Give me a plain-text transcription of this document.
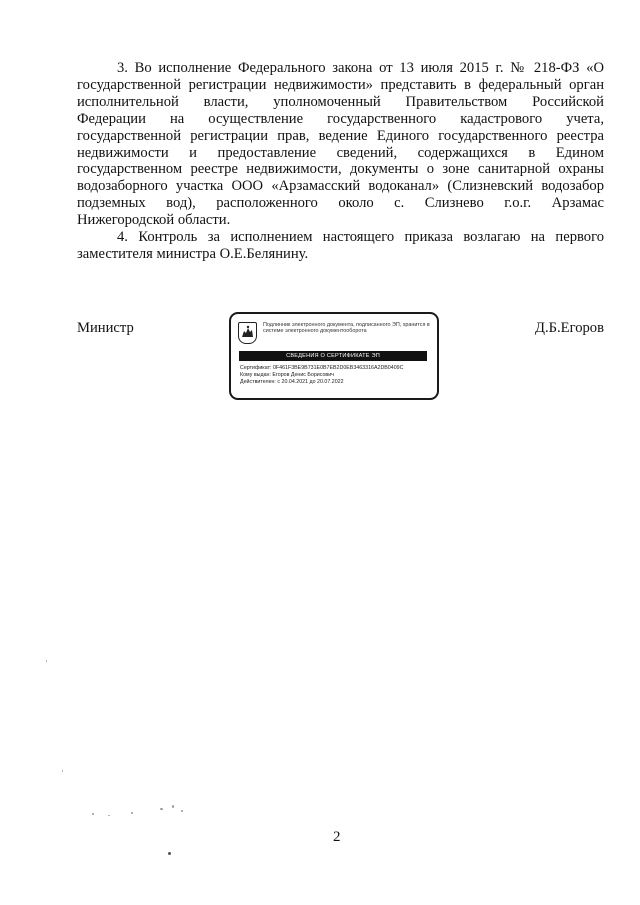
3. Во исполнение Федерального закона от 13 июля 2015 г. № 218-ФЗ «О
государственной регистрации недвижимости» представить в федеральный орган
исполнительной власти, уполномоченный Правительством Российской
Федерации на осуществление государственного кадастрового учета,
государственной регистрации прав, ведение Единого государственного реестра
недвижимости и предоставление сведений, содержащихся в Едином
государственном реестре недвижимости, документы о зоне санитарной охраны
водозаборного участка ООО «Арзамасский водоканал» (Слизневский водозабор
подземных вод), расположенного около с. Слизнево г.о.г. Арзамас
Нижегородской области.
4. Контроль за исполнением настоящего приказа возлагаю на первого
заместителя министра О.Е.Белянину.
Министр	Д.Б.Егоров
Подлинник электронного документа, подписанного ЭП, хранится в системе электронного документооборота
СВЕДЕНИЯ О СЕРТИФИКАТЕ ЭП
Сертификат: 0F461F3BE9B731E0B7EB2D0EB3463316A2DB0409C
Кому выдан: Егоров Денис Борисович
Действителен: с 20.04.2021 до 20.07.2022
2
